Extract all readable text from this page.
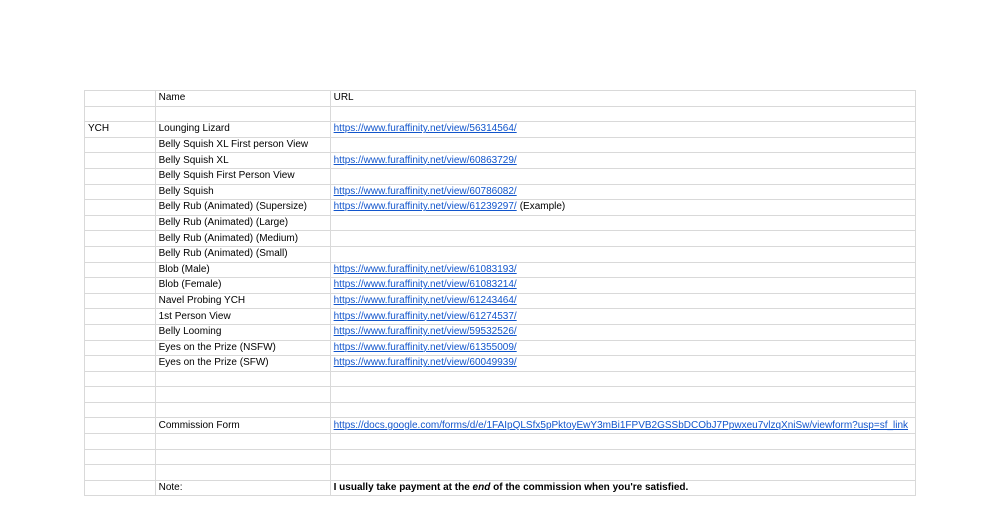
	Name	URL

YCH	Lounging Lizard	https://www.furaffinity.net/view/56314564/
	Belly Squish XL First person View	
	Belly Squish XL	https://www.furaffinity.net/view/60863729/
	Belly Squish First Person View	
	Belly Squish	https://www.furaffinity.net/view/60786082/
	Belly Rub (Animated) (Supersize)	https://www.furaffinity.net/view/61239297/ (Example)
	Belly Rub (Animated) (Large)	
	Belly Rub (Animated) (Medium)	
	Belly Rub (Animated) (Small)	
	Blob (Male)	https://www.furaffinity.net/view/61083193/
	Blob (Female)	https://www.furaffinity.net/view/61083214/
	Navel Probing YCH	https://www.furaffinity.net/view/61243464/
	1st Person View	https://www.furaffinity.net/view/61274537/
	Belly Looming	https://www.furaffinity.net/view/59532526/
	Eyes on the Prize (NSFW)	https://www.furaffinity.net/view/61355009/
	Eyes on the Prize (SFW)	https://www.furaffinity.net/view/60049939/

	Commission Form	https://docs.google.com/forms/d/e/1FAIpQLSfx5pPktoyEwY3mBi1FPVB2GSSbDCObJ7Ppwxeu7vlzqXniSw/viewform?usp=sf_link

	Note:	I usually take payment at the end of the commission when you're satisfied.
